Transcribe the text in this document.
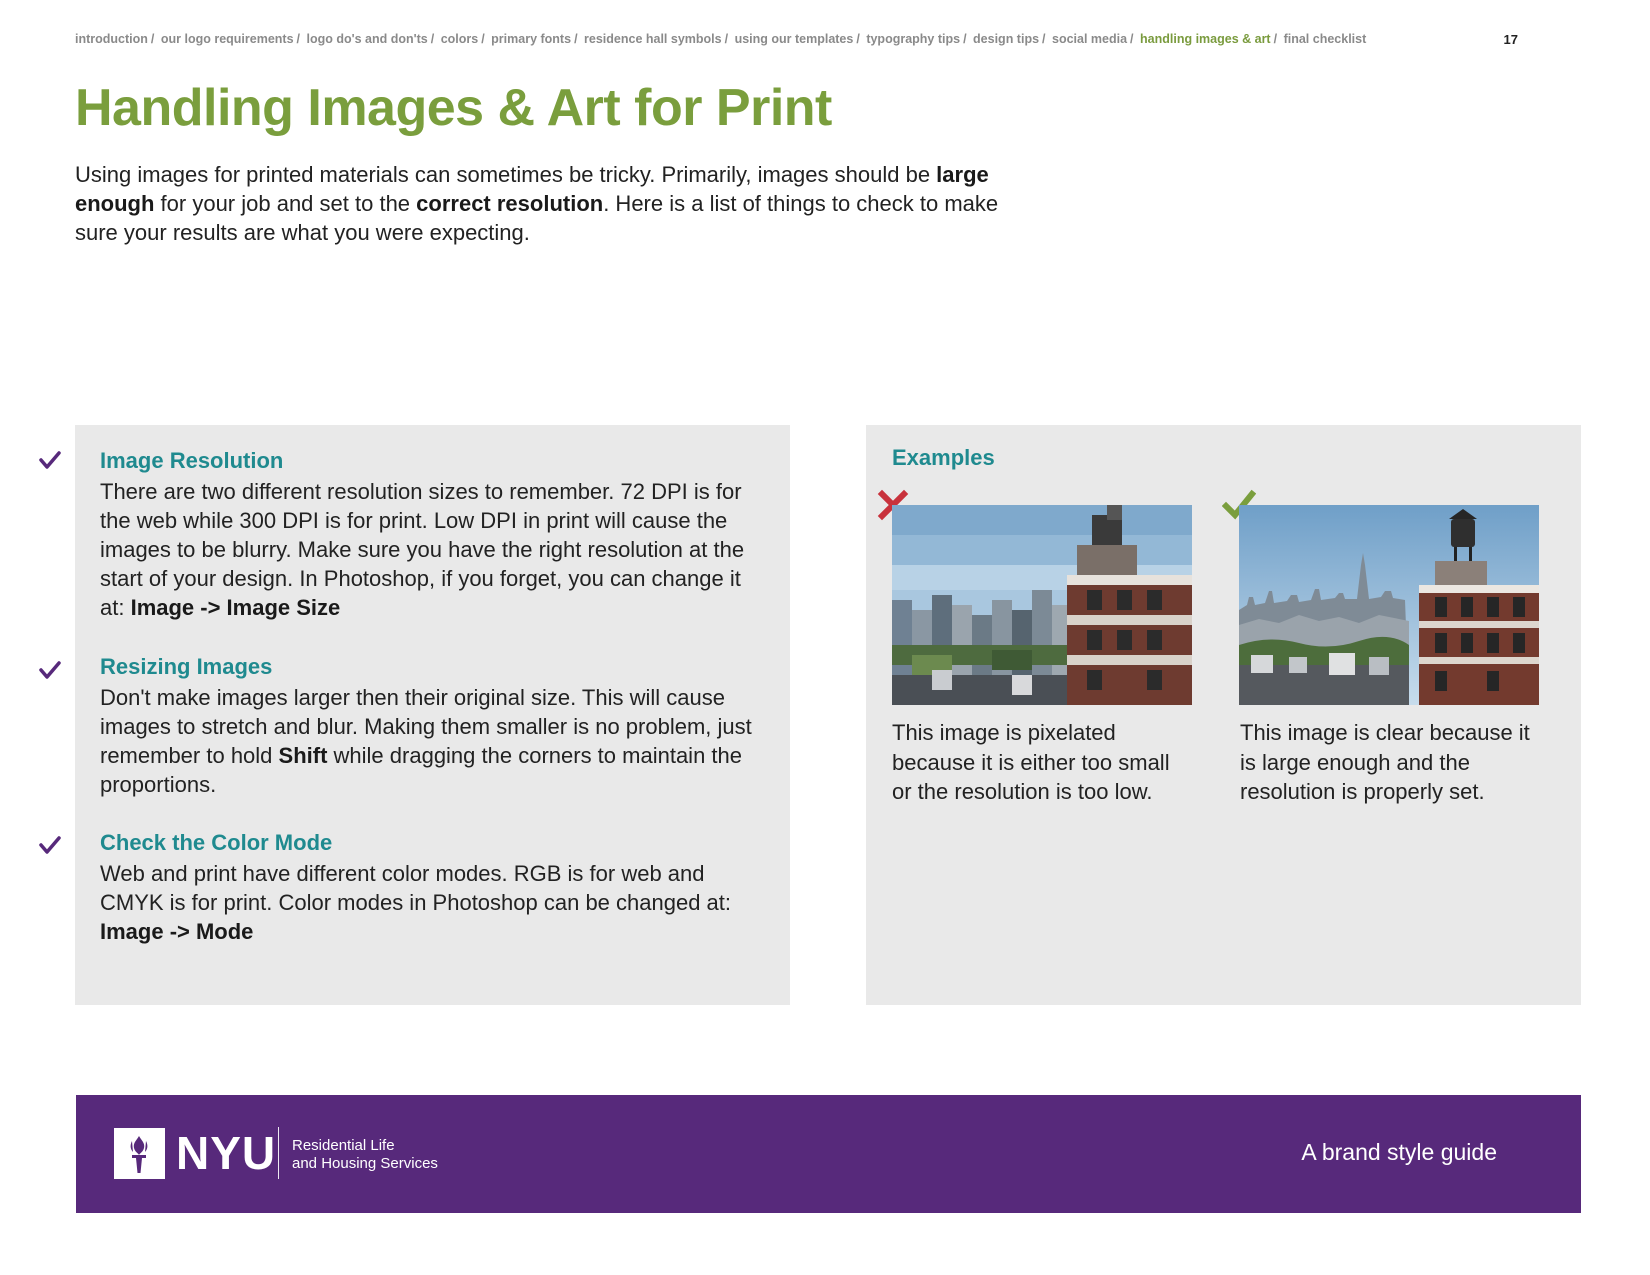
introduction / our logo requirements / logo do's and don'ts / colors / primary fonts / residence hall symbols / using our templates / typography tips / design tips / social media / handling images & art / final checklist	17
Handling Images & Art for Print

Using images for printed materials can sometimes be tricky. Primarily, images should be large enough for your job and set to the correct resolution. Here is a list of things to check to make sure your results are what you were expecting.

Image Resolution

There are two different resolution sizes to remember. 72 DPI is for the web while 300 DPI is for print. Low DPI in print will cause the images to be blurry. Make sure you have the right resolution at the start of your design. In Photoshop, if you forget, you can change it at: Image -> Image Size

Resizing Images

Don't make images larger then their original size. This will cause images to stretch and blur. Making them smaller is no problem, just remember to hold Shift while dragging the corners to maintain the proportions.

Check the Color Mode

Web and print have different color modes. RGB is for web and CMYK is for print. Color modes in Photoshop can be changed at: Image -> Mode

Examples

This image is pixelated because it is either too small or the resolution is too low.

This image is clear because it is large enough and the resolution is properly set.

NYU Residential Life
and Housing Services	A brand style guide
